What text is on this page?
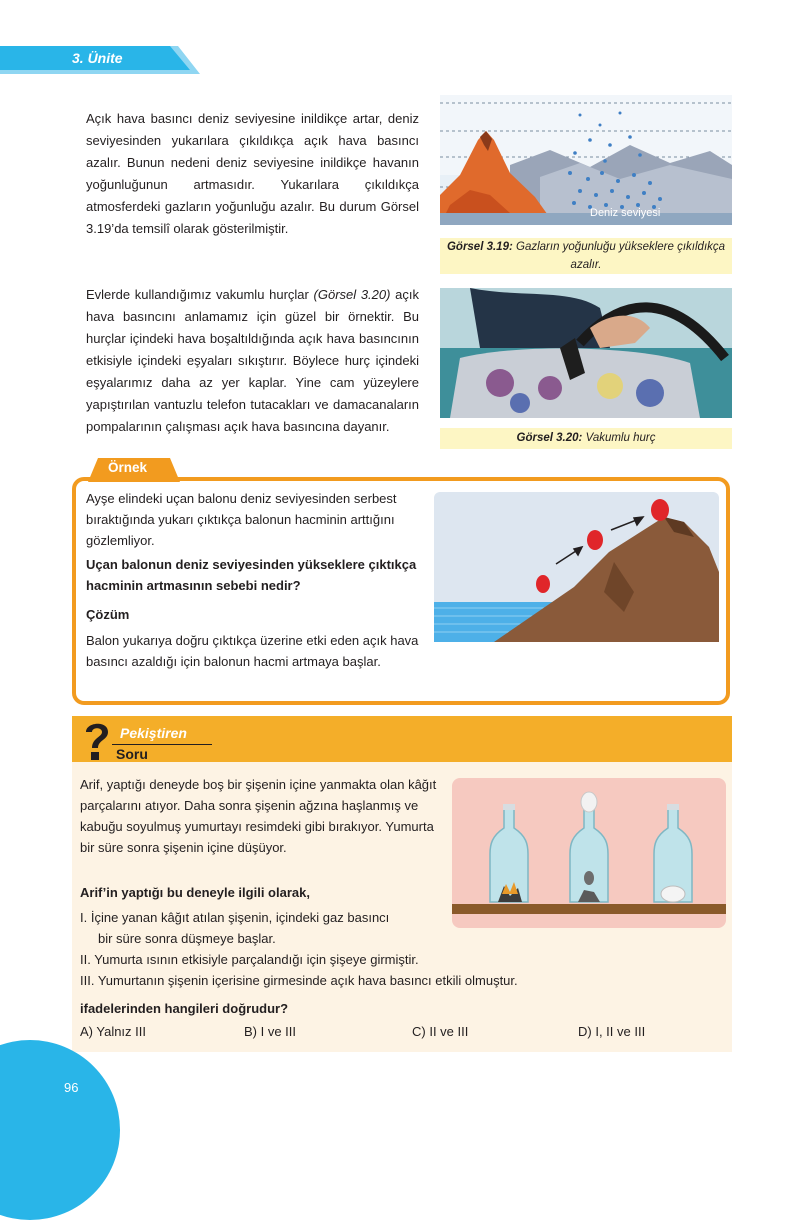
3. Ünite
Açık hava basıncı deniz seviyesine inildikçe artar, deniz seviyesinden yukarılara çıkıldıkça açık hava basıncı azalır. Bunun nedeni deniz seviyesine inildikçe havanın yoğunluğunun artmasıdır. Yukarılara çıkıldıkça atmosferdeki gazların yoğunluğu azalır. Bu durum Görsel 3.19’da temsilî olarak gösterilmiştir.
Deniz seviyesi
Görsel 3.19: Gazların yoğunluğu yükseklere çıkıldıkça azalır.
Evlerde kullandığımız vakumlu hurçlar (Görsel 3.20) açık hava basıncını anlamamız için güzel bir örnektir. Bu hurçlar içindeki hava boşaltıldığında açık hava basıncının etkisiyle içindeki eşyaları sıkıştırır. Böylece hurç içindeki eşyalarımız daha az yer kaplar. Yine cam yüzeylere yapıştırılan vantuzlu telefon tutacakları ve damacanaların pompalarının çalışması açık hava basıncına dayanır.
Görsel 3.20: Vakumlu hurç
Örnek
Ayşe elindeki uçan balonu deniz seviyesinden serbest bıraktığında yukarı çıktıkça balonun hacminin arttığını gözlemliyor.
Uçan balonun deniz seviyesinden yükseklere çıktıkça hacminin artmasının sebebi nedir?
Çözüm
Balon yukarıya doğru çıktıkça üzerine etki eden açık hava basıncı azaldığı için balonun hacmi artmaya başlar.
Pekiştiren
Soru
Arif, yaptığı deneyde boş bir şişenin içine yanmakta olan kâğıt parçalarını atıyor. Daha sonra şişenin ağzına haşlanmış ve kabuğu soyulmuş yumurtayı resimdeki gibi bırakıyor. Yumurta bir süre sonra şişenin içine düşüyor.
Arif’in yaptığı bu deneyle ilgili olarak,
I. İçine yanan kâğıt atılan şişenin, içindeki gaz basıncı
bir süre sonra düşmeye başlar.
II. Yumurta ısının etkisiyle parçalandığı için şişeye girmiştir.
III. Yumurtanın şişenin içerisine girmesinde açık hava basıncı etkili olmuştur.
ifadelerinden hangileri doğrudur?
A) Yalnız III	B) I ve III	C) II ve III	D) I, II ve III
96
